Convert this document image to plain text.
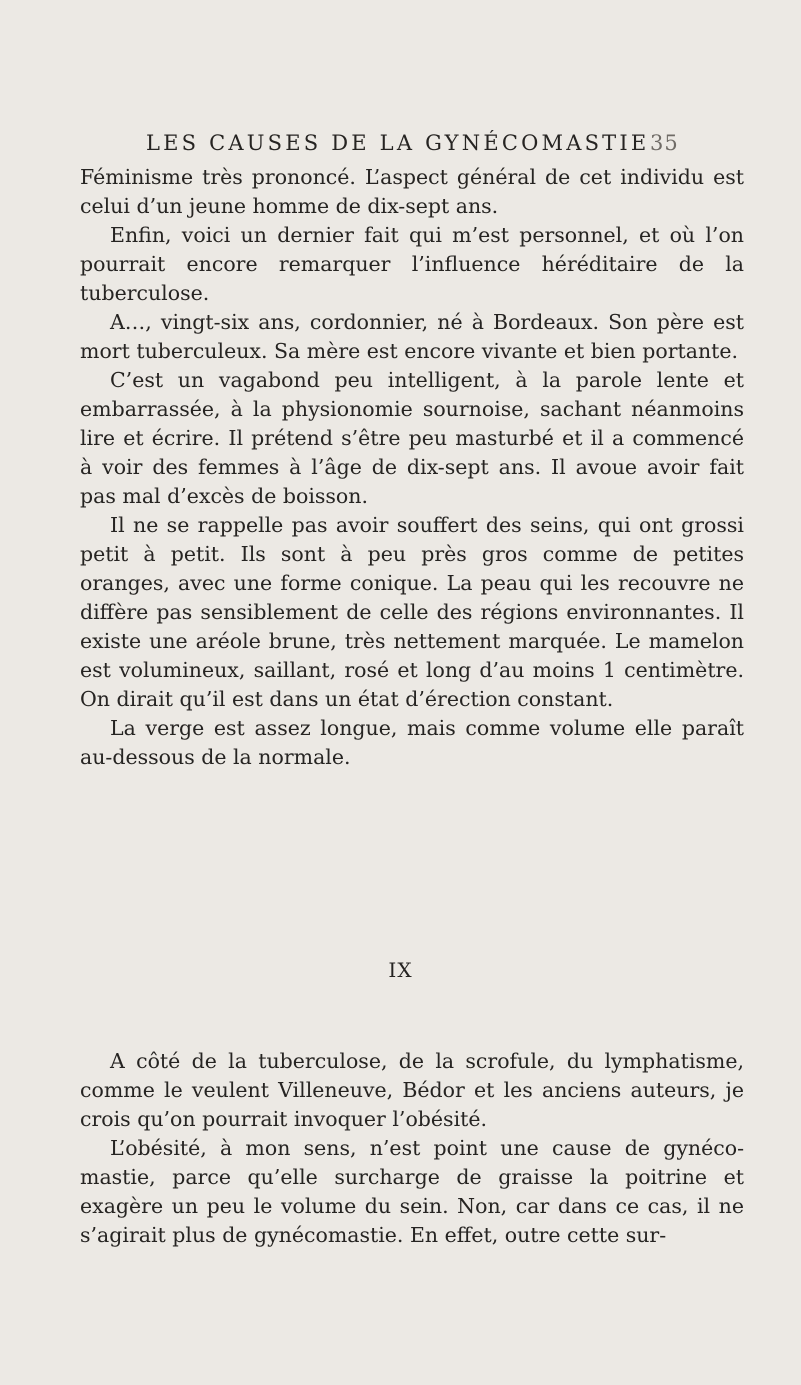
LES CAUSES DE LA GYNÉCOMASTIE 35

Féminisme très prononcé. L’aspect général de cet individu est celui d’un jeune homme de dix-sept ans.

Enfin, voici un dernier fait qui m’est personnel, et où l’on pourrait encore remarquer l’influence héréditaire de la tuberculose.

A…, vingt-six ans, cordonnier, né à Bordeaux. Son père est mort tuberculeux. Sa mère est encore vivante et bien portante.

C’est un vagabond peu intelligent, à la parole lente et embarrassée, à la physionomie sournoise, sachant néanmoins lire et écrire. Il prétend s’être peu masturbé et il a commencé à voir des femmes à l’âge de dix-sept ans. Il avoue avoir fait pas mal d’excès de boisson.

Il ne se rappelle pas avoir souffert des seins, qui ont grossi petit à petit. Ils sont à peu près gros comme de petites oranges, avec une forme conique. La peau qui les recouvre ne diffère pas sensiblement de celle des régions environnantes. Il existe une aréole brune, très nettement marquée. Le mamelon est volumineux, saillant, rosé et long d’au moins 1 centimètre. On dirait qu’il est dans un état d’érection constant.

La verge est assez longue, mais comme volume elle paraît au-dessous de la normale.

IX

A côté de la tuberculose, de la scrofule, du lymphatisme, comme le veulent Villeneuve, Bédor et les anciens auteurs, je crois qu’on pourrait invoquer l’obésité.

L’obésité, à mon sens, n’est point une cause de gynécomastie, parce qu’elle surcharge de graisse la poitrine et exagère un peu le volume du sein. Non, car dans ce cas, il ne s’agirait plus de gynécomastie. En effet, outre cette sur-
